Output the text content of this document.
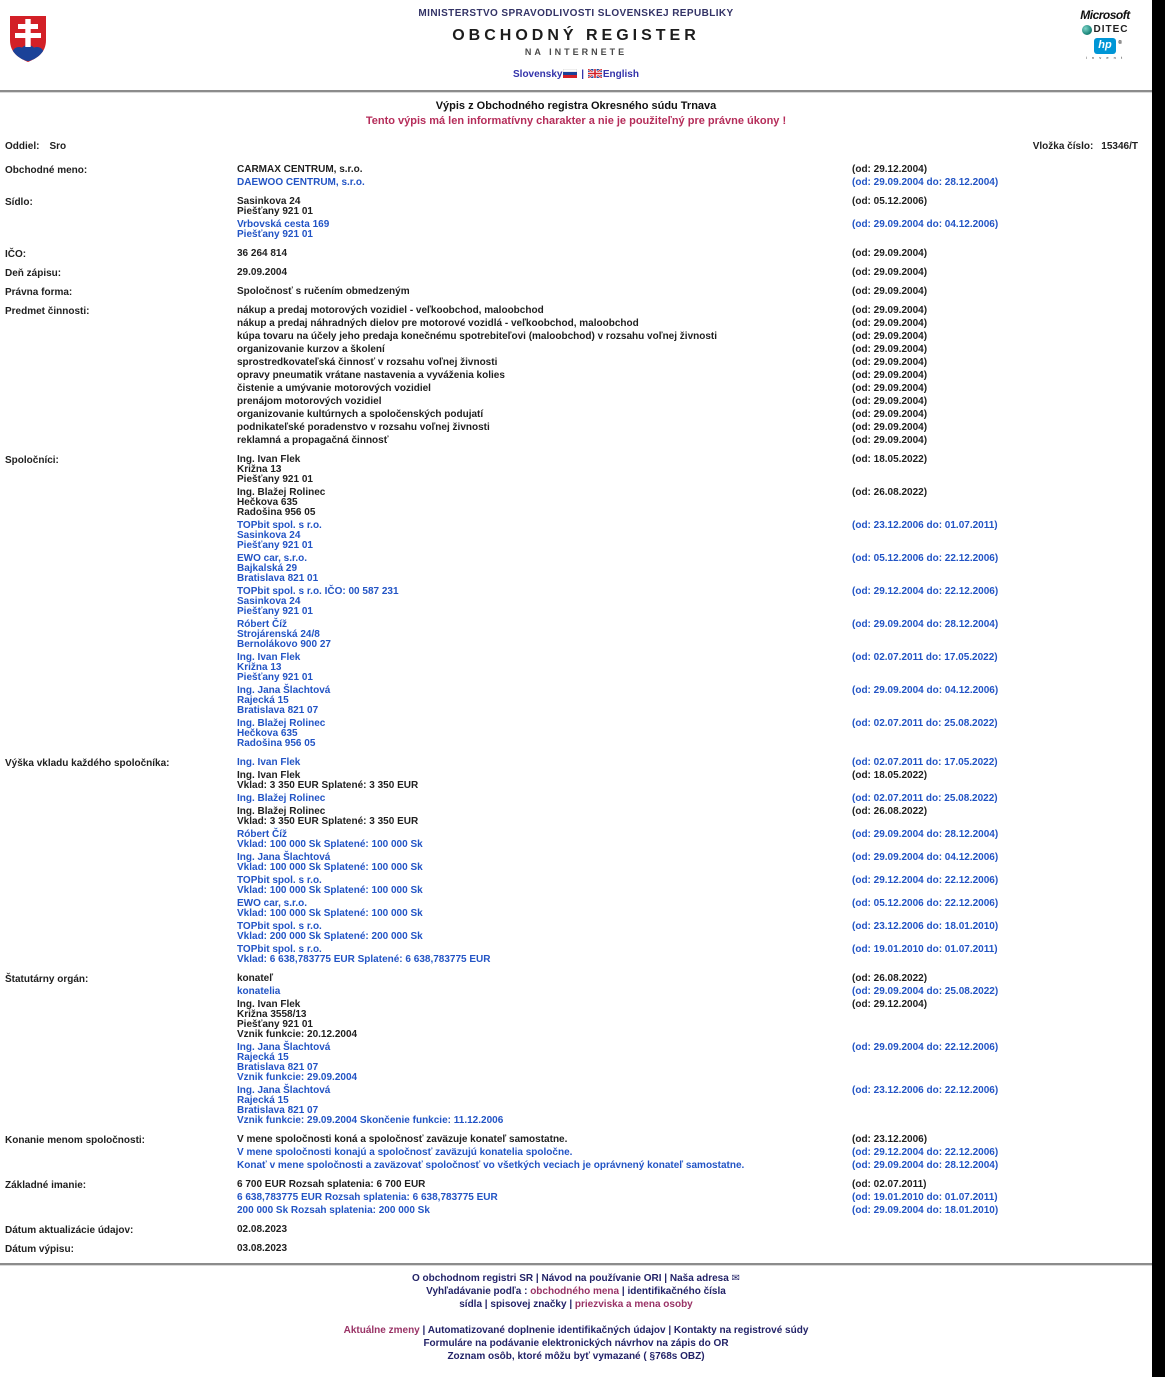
Microsoft
DITEC
hp ®
i n v e n t
MINISTERSTVO SPRAVODLIVOSTI SLOVENSKEJ REPUBLIKY
OBCHODNÝ REGISTER
NA INTERNETE
Slovensky | English
Výpis z Obchodného registra Okresného súdu Trnava
Tento výpis má len informatívny charakter a nie je použiteľný pre právne úkony !
Oddiel: Sro	Vložka číslo: 15346/T
Obchodné meno:	CARMAX CENTRUM, s.r.o.	(od: 29.12.2004)
DAEWOO CENTRUM, s.r.o.	(od: 29.09.2004 do: 28.12.2004)
Sídlo:	Sasinkova 24
Piešťany 921 01
(od: 05.12.2006)
Vrbovská cesta 169
Piešťany 921 01
(od: 29.09.2004 do: 04.12.2006)
IČO:	36 264 814	(od: 29.09.2004)
Deň zápisu:	29.09.2004	(od: 29.09.2004)
Právna forma:	Spoločnosť s ručením obmedzeným	(od: 29.09.2004)
Predmet činnosti:	nákup a predaj motorových vozidiel - veľkoobchod, maloobchod	(od: 29.09.2004)
nákup a predaj náhradných dielov pre motorové vozidlá - veľkoobchod, maloobchod	(od: 29.09.2004)
kúpa tovaru na účely jeho predaja konečnému spotrebiteľovi (maloobchod) v rozsahu voľnej živnosti	(od: 29.09.2004)
organizovanie kurzov a školení	(od: 29.09.2004)
sprostredkovateľská činnosť v rozsahu voľnej živnosti	(od: 29.09.2004)
opravy pneumatik vrátane nastavenia a vyváženia kolies	(od: 29.09.2004)
čistenie a umývanie motorových vozidiel	(od: 29.09.2004)
prenájom motorových vozidiel	(od: 29.09.2004)
organizovanie kultúrnych a spoločenských podujatí	(od: 29.09.2004)
podnikateľské poradenstvo v rozsahu voľnej živnosti	(od: 29.09.2004)
reklamná a propagačná činnosť	(od: 29.09.2004)
Spoločníci:	Ing. Ivan Flek
Križna 13
Piešťany 921 01
(od: 18.05.2022)
Ing. Blažej Rolinec
Hečkova 635
Radošina 956 05
(od: 26.08.2022)
TOPbit spol. s r.o.
Sasinkova 24
Piešťany 921 01
(od: 23.12.2006 do: 01.07.2011)
EWO car, s.r.o.
Bajkalská 29
Bratislava 821 01
(od: 05.12.2006 do: 22.12.2006)
TOPbit spol. s r.o. IČO: 00 587 231
Sasinkova 24
Piešťany 921 01
(od: 29.12.2004 do: 22.12.2006)
Róbert Číž
Strojárenská 24/8
Bernolákovo 900 27
(od: 29.09.2004 do: 28.12.2004)
Ing. Ivan Flek
Križna 13
Piešťany 921 01
(od: 02.07.2011 do: 17.05.2022)
Ing. Jana Šlachtová
Rajecká 15
Bratislava 821 07
(od: 29.09.2004 do: 04.12.2006)
Ing. Blažej Rolinec
Hečkova 635
Radošina 956 05
(od: 02.07.2011 do: 25.08.2022)
Výška vkladu každého spoločníka:	Ing. Ivan Flek	(od: 02.07.2011 do: 17.05.2022)
Ing. Ivan Flek
Vklad: 3 350 EUR Splatené: 3 350 EUR
(od: 18.05.2022)
Ing. Blažej Rolinec	(od: 02.07.2011 do: 25.08.2022)
Ing. Blažej Rolinec
Vklad: 3 350 EUR Splatené: 3 350 EUR
(od: 26.08.2022)
Róbert Číž
Vklad: 100 000 Sk Splatené: 100 000 Sk
(od: 29.09.2004 do: 28.12.2004)
Ing. Jana Šlachtová
Vklad: 100 000 Sk Splatené: 100 000 Sk
(od: 29.09.2004 do: 04.12.2006)
TOPbit spol. s r.o.
Vklad: 100 000 Sk Splatené: 100 000 Sk
(od: 29.12.2004 do: 22.12.2006)
EWO car, s.r.o.
Vklad: 100 000 Sk Splatené: 100 000 Sk
(od: 05.12.2006 do: 22.12.2006)
TOPbit spol. s r.o.
Vklad: 200 000 Sk Splatené: 200 000 Sk
(od: 23.12.2006 do: 18.01.2010)
TOPbit spol. s r.o.
Vklad: 6 638,783775 EUR Splatené: 6 638,783775 EUR
(od: 19.01.2010 do: 01.07.2011)
Štatutárny orgán:	konateľ	(od: 26.08.2022)
konatelia	(od: 29.09.2004 do: 25.08.2022)
Ing. Ivan Flek
Križna 3558/13
Piešťany 921 01
Vznik funkcie: 20.12.2004
(od: 29.12.2004)
Ing. Jana Šlachtová
Rajecká 15
Bratislava 821 07
Vznik funkcie: 29.09.2004
(od: 29.09.2004 do: 22.12.2006)
Ing. Jana Šlachtová
Rajecká 15
Bratislava 821 07
Vznik funkcie: 29.09.2004 Skončenie funkcie: 11.12.2006
(od: 23.12.2006 do: 22.12.2006)
Konanie menom spoločnosti:	V mene spoločnosti koná a spoločnosť zaväzuje konateľ samostatne.	(od: 23.12.2006)
V mene spoločnosti konajú a spoločnosť zaväzujú konatelia spoločne.	(od: 29.12.2004 do: 22.12.2006)
Konať v mene spoločnosti a zaväzovať spoločnosť vo všetkých veciach je oprávnený konateľ samostatne.	(od: 29.09.2004 do: 28.12.2004)
Základné imanie:	6 700 EUR Rozsah splatenia: 6 700 EUR	(od: 02.07.2011)
6 638,783775 EUR Rozsah splatenia: 6 638,783775 EUR	(od: 19.01.2010 do: 01.07.2011)
200 000 Sk Rozsah splatenia: 200 000 Sk	(od: 29.09.2004 do: 18.01.2010)
Dátum aktualizácie údajov:	02.08.2023
Dátum výpisu:	03.08.2023
O obchodnom registri SR | Návod na používanie ORI | Naša adresa ✉
Vyhľadávanie podľa : obchodného mena | identifikačného čísla
sídla | spisovej značky | priezviska a mena osoby
Aktuálne zmeny | Automatizované doplnenie identifikačných údajov | Kontakty na registrové súdy
Formuláre na podávanie elektronických návrhov na zápis do OR
Zoznam osôb, ktoré môžu byť vymazané ( §768s OBZ)
